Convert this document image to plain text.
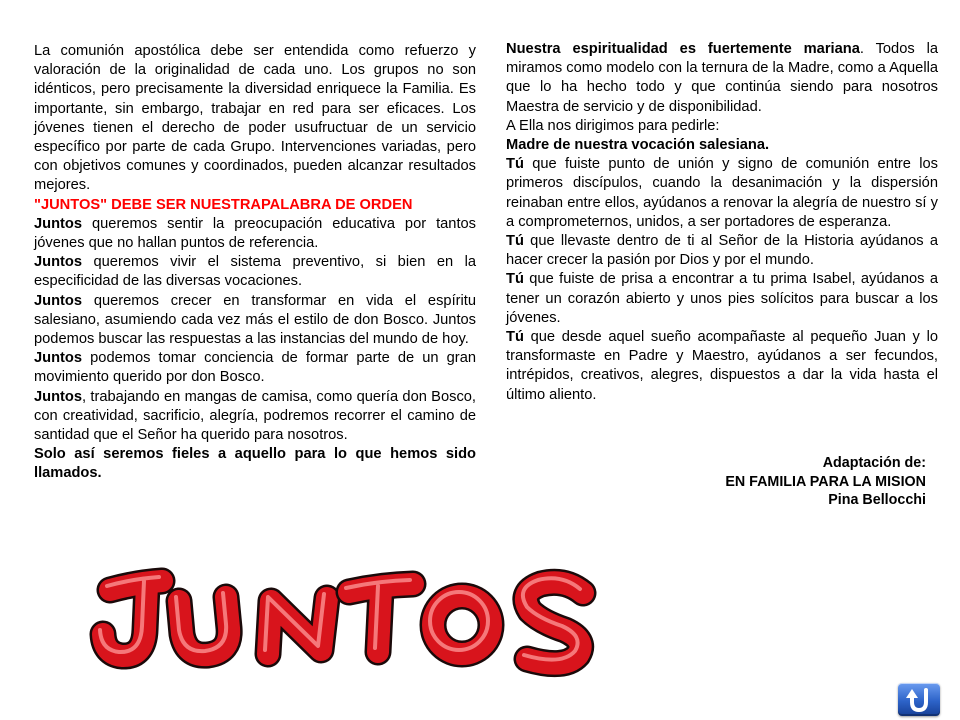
La comunión apostólica debe ser entendida como refuerzo y valoración de la originalidad de cada uno. Los grupos no son idénticos, pero precisamente la diversidad enriquece la Familia. Es importante, sin embargo, trabajar en red para ser eficaces. Los jóvenes tienen el derecho de poder usufructuar de un servicio específico por parte de cada Grupo. Intervenciones variadas, pero con objetivos comunes y coordinados, pueden alcanzar resultados mejores.

"JUNTOS" DEBE SER NUESTRAPALABRA DE ORDEN

Juntos queremos sentir la preocupación educativa por tantos jóvenes que no hallan puntos de referencia.

Juntos queremos vivir el sistema preventivo, si bien en la especificidad de las diversas vocaciones.

Juntos queremos crecer en transformar en vida el espíritu salesiano, asumiendo cada vez más el estilo de don Bosco. Juntos podemos buscar las respuestas a las instancias del mundo de hoy.

Juntos podemos tomar conciencia de formar parte de un gran movimiento querido por don Bosco.

Juntos, trabajando en mangas de camisa, como quería don Bosco, con creatividad, sacrificio, alegría, podremos recorrer el camino de santidad que el Señor ha querido para nosotros.

Solo así seremos fieles a aquello para lo que hemos sido llamados.

Nuestra espiritualidad es fuertemente mariana. Todos la miramos como modelo con la ternura de la Madre, como a Aquella que lo ha hecho todo y que continúa siendo para nosotros Maestra de servicio y de disponibilidad.

A Ella nos dirigimos para pedirle:

Madre de nuestra vocación salesiana.

Tú que fuiste punto de unión y signo de comunión entre los primeros discípulos, cuando la desanimación y la dispersión reinaban entre ellos, ayúdanos a renovar la alegría de nuestro sí y a comprometernos, unidos, a ser portadores de esperanza.

Tú que llevaste dentro de ti al Señor de la Historia ayúdanos a hacer crecer la pasión por Dios y por el mundo.

Tú que fuiste de prisa a encontrar a tu prima Isabel, ayúdanos a tener un corazón abierto y unos pies solícitos para buscar a los jóvenes.

Tú que desde aquel sueño acompañaste al pequeño Juan y lo transformaste en Padre y Maestro, ayúdanos a ser fecundos, intrépidos, creativos, alegres, dispuestos a dar la vida hasta el último aliento.

Adaptación de:
EN FAMILIA PARA LA MISION
Pina Bellocchi
